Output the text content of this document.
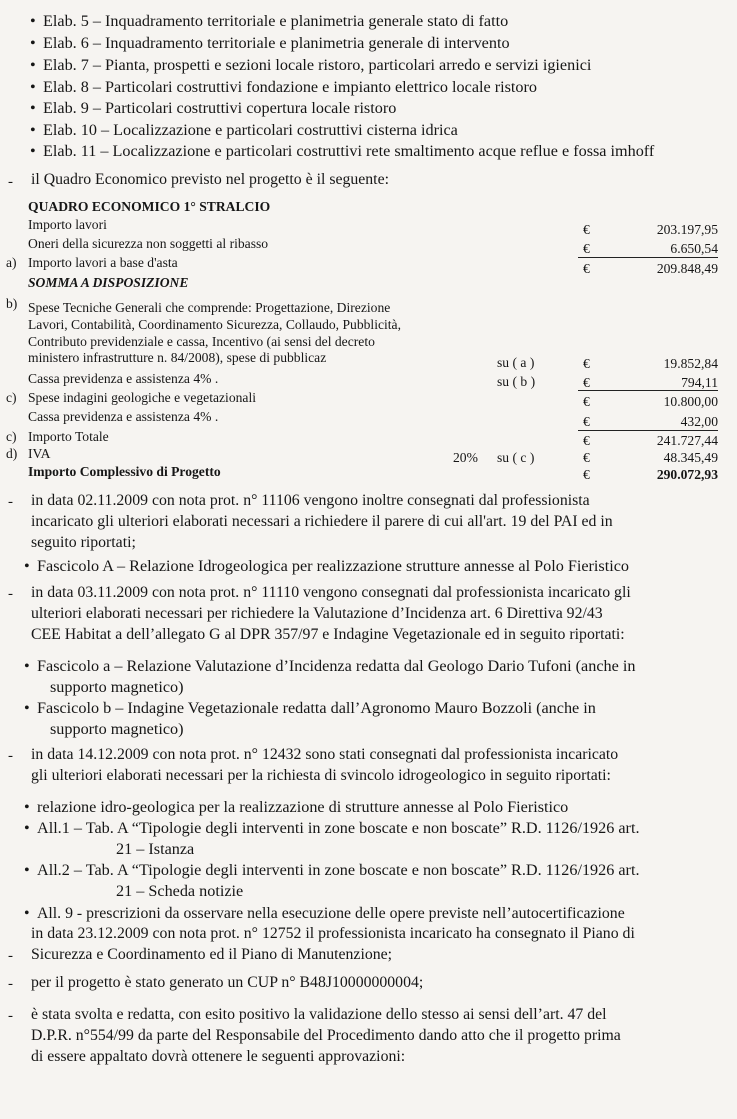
• Elab. 5 – Inquadramento territoriale e planimetria generale stato di fatto
• Elab. 6 – Inquadramento territoriale e planimetria generale di intervento
• Elab. 7 – Pianta, prospetti e sezioni locale ristoro, particolari arredo e servizi igienici
• Elab. 8 – Particolari costruttivi fondazione e impianto elettrico locale ristoro
• Elab. 9 – Particolari costruttivi copertura locale ristoro
• Elab. 10 – Localizzazione e particolari costruttivi cisterna idrica
• Elab. 11 – Localizzazione e particolari costruttivi rete smaltimento acque reflue e fossa imhoff
- il Quadro Economico previsto nel progetto è il seguente:
QUADRO ECONOMICO 1° STRALCIO
Importo lavori	€	203.197,95
Oneri della sicurezza non soggetti al ribasso	€	6.650,54
a) Importo lavori a base d'asta	€	209.848,49
SOMMA A DISPOSIZIONE
b) Spese Tecniche Generali che comprende: Progettazione, Direzione
Lavori, Contabilità, Coordinamento Sicurezza, Collaudo, Pubblicità,
Contributo previdenziale e cassa, Incentivo (ai sensi del decreto
ministero infrastrutture n. 84/2008), spese di pubblicaz	su ( a )	€	19.852,84
Cassa previdenza e assistenza 4% .	su ( b )	€	794,11
c) Spese indagini geologiche e vegetazionali	€	10.800,00
Cassa previdenza e assistenza 4% .	€	432,00
c) Importo Totale	€	241.727,44
d) IVA	20% su ( c )	€	48.345,49
Importo Complessivo di Progetto	€	290.072,93
- in data 02.11.2009 con nota prot. n° 11106 vengono inoltre consegnati dal professionista
incaricato gli ulteriori elaborati necessari a richiedere il parere di cui all'art. 19 del PAI ed in
seguito riportati;
• Fascicolo A – Relazione Idrogeologica per realizzazione strutture annesse al Polo Fieristico
- in data 03.11.2009 con nota prot. n° 11110 vengono consegnati dal professionista incaricato gli
ulteriori elaborati necessari per richiedere la Valutazione d’Incidenza art. 6 Direttiva 92/43
CEE Habitat a dell’allegato G al DPR 357/97 e Indagine Vegetazionale ed in seguito riportati:
• Fascicolo a – Relazione Valutazione d’Incidenza redatta dal Geologo Dario Tufoni (anche in
supporto magnetico)
• Fascicolo b – Indagine Vegetazionale redatta dall’Agronomo Mauro Bozzoli (anche in
supporto magnetico)
- in data 14.12.2009 con nota prot. n° 12432 sono stati consegnati dal professionista incaricato
gli ulteriori elaborati necessari per la richiesta di svincolo idrogeologico in seguito riportati:
• relazione idro-geologica per la realizzazione di strutture annesse al Polo Fieristico
• All.1 – Tab. A “Tipologie degli interventi in zone boscate e non boscate” R.D. 1126/1926 art.
21 – Istanza
• All.2 – Tab. A “Tipologie degli interventi in zone boscate e non boscate” R.D. 1126/1926 art.
21 – Scheda notizie
• All. 9 - prescrizioni da osservare nella esecuzione delle opere previste nell’autocertificazione
in data 23.12.2009 con nota prot. n° 12752 il professionista incaricato ha consegnato il Piano di
- Sicurezza e Coordinamento ed il Piano di Manutenzione;
- per il progetto è stato generato un CUP n° B48J10000000004;
- è stata svolta e redatta, con esito positivo la validazione dello stesso ai sensi dell’art. 47 del
D.P.R. n°554/99 da parte del Responsabile del Procedimento dando atto che il progetto prima
di essere appaltato dovrà ottenere le seguenti approvazioni:
